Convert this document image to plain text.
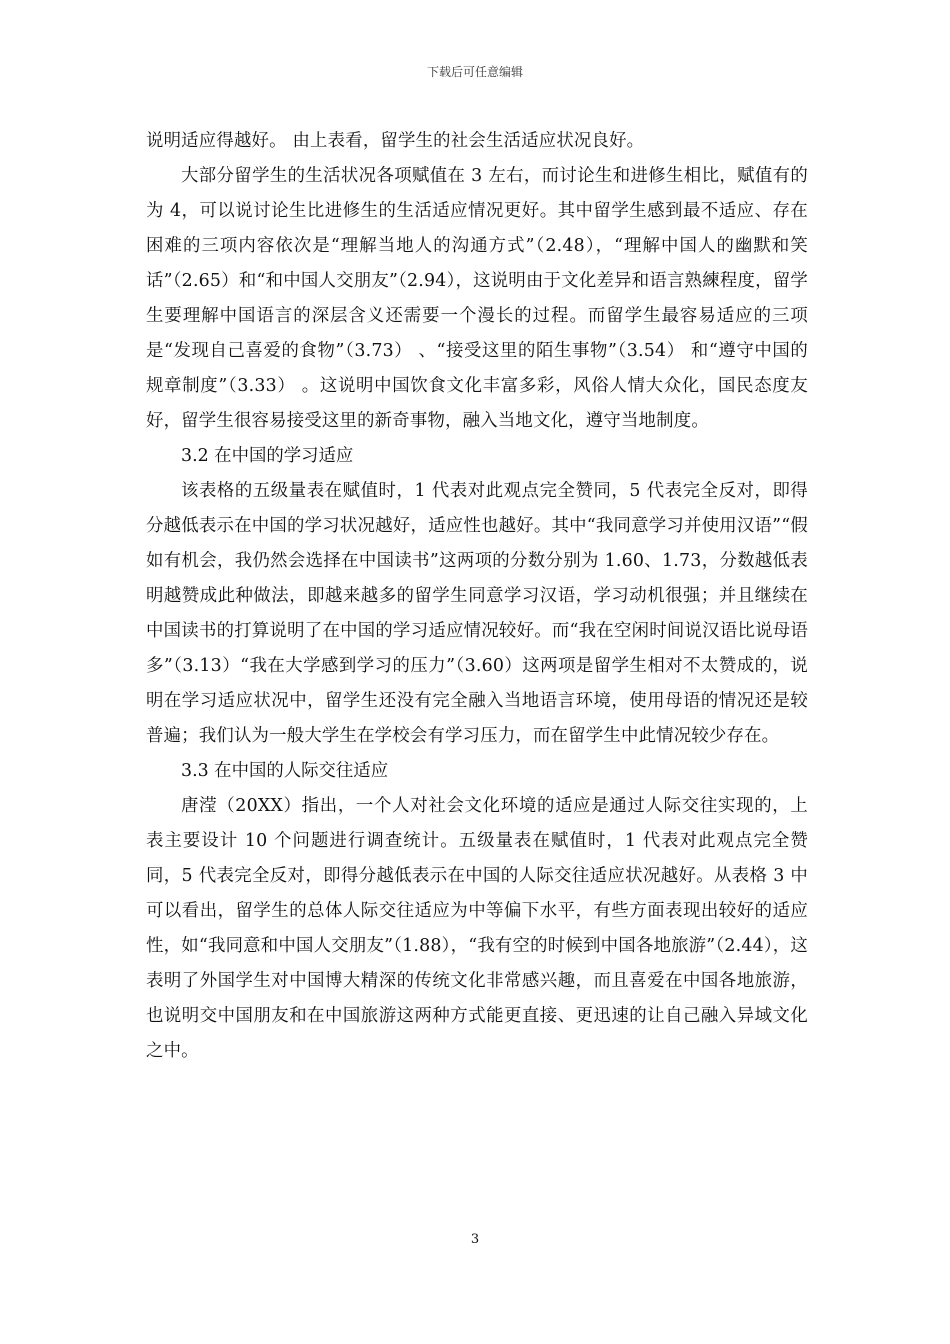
下载后可任意编辑

说明适应得越好。 由上表看，留学生的社会生活适应状况良好。

大部分留学生的生活状况各项赋值在 3 左右，而讨论生和进修生相比，赋值有的为 4，可以说讨论生比进修生的生活适应情况更好。其中留学生感到最不适应、存在困难的三项内容依次是“理解当地人的沟通方式”（2.48），“理解中国人的幽默和笑话”（2.65）和“和中国人交朋友”（2.94），这说明由于文化差异和语言熟練程度，留学生要理解中国语言的深层含义还需要一个漫长的过程。而留学生最容易适应的三项是“发现自己喜爱的食物”（3.73） 、“接受这里的陌生事物”（3.54） 和“遵守中国的规章制度”（3.33） 。这说明中国饮食文化丰富多彩，风俗人情大众化，国民态度友好，留学生很容易接受这里的新奇事物，融入当地文化，遵守当地制度。

3.2 在中国的学习适应

该表格的五级量表在赋值时，1 代表对此观点完全赞同，5 代表完全反对，即得分越低表示在中国的学习状况越好，适应性也越好。其中“我同意学习并使用汉语”“假如有机会，我仍然会选择在中国读书”这两项的分数分别为 1.60、1.73，分数越低表明越赞成此种做法，即越来越多的留学生同意学习汉语，学习动机很强；并且继续在中国读书的打算说明了在中国的学习适应情况较好。而“我在空闲时间说汉语比说母语多”（3.13）“我在大学感到学习的压力”（3.60）这两项是留学生相对不太赞成的，说明在学习适应状况中，留学生还没有完全融入当地语言环境，使用母语的情况还是较普遍；我们认为一般大学生在学校会有学习压力，而在留学生中此情况较少存在。

3.3 在中国的人际交往适应

唐滢（20XX）指出，一个人对社会文化环境的适应是通过人际交往实现的，上表主要设计 10 个问题进行调查统计。五级量表在赋值时，1 代表对此观点完全赞同，5 代表完全反对，即得分越低表示在中国的人际交往适应状况越好。从表格 3 中可以看出，留学生的总体人际交往适应为中等偏下水平，有些方面表现出较好的适应性，如“我同意和中国人交朋友”（1.88），“我有空的时候到中国各地旅游”（2.44），这表明了外国学生对中国博大精深的传统文化非常感兴趣，而且喜爱在中国各地旅游，也说明交中国朋友和在中国旅游这两种方式能更直接、更迅速的让自己融入异域文化之中。

3
